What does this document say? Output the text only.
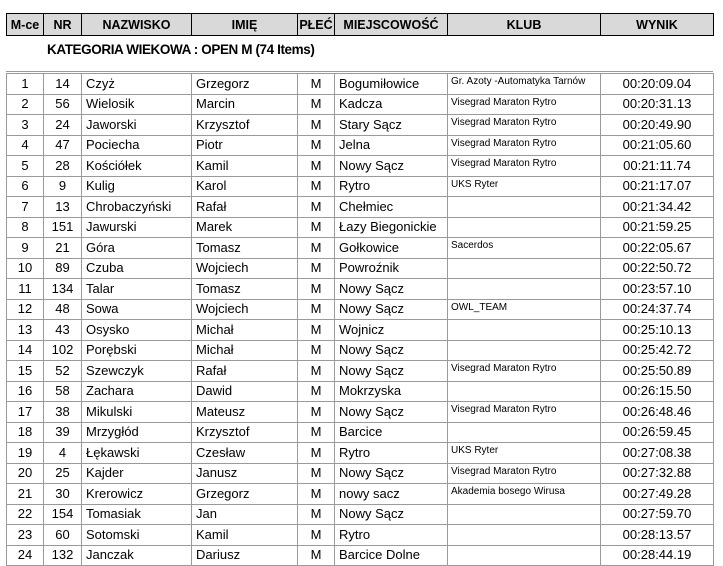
M-ce	NR	NAZWISKO	IMIĘ	PŁEĆ	MIEJSCOWOŚĆ	KLUB	WYNIK
KATEGORIA WIEKOWA : OPEN M (74 Items)
1	14	Czyż	Grzegorz	M	Bogumiłowice	Gr. Azoty -Automatyka Tarnów	00:20:09.04
2	56	Wielosik	Marcin	M	Kadcza	Visegrad Maraton Rytro	00:20:31.13
3	24	Jaworski	Krzysztof	M	Stary Sącz	Visegrad Maraton Rytro	00:20:49.90
4	47	Pociecha	Piotr	M	Jelna	Visegrad Maraton Rytro	00:21:05.60
5	28	Kościółek	Kamil	M	Nowy Sącz	Visegrad Maraton Rytro	00:21:11.74
6	9	Kulig	Karol	M	Rytro	UKS Ryter	00:21:17.07
7	13	Chrobaczyński	Rafał	M	Chełmiec		00:21:34.42
8	151	Jawurski	Marek	M	Łazy Biegonickie		00:21:59.25
9	21	Góra	Tomasz	M	Gołkowice	Sacerdos	00:22:05.67
10	89	Czuba	Wojciech	M	Powroźnik		00:22:50.72
11	134	Talar	Tomasz	M	Nowy Sącz		00:23:57.10
12	48	Sowa	Wojciech	M	Nowy Sącz	OWL_TEAM	00:24:37.74
13	43	Osysko	Michał	M	Wojnicz		00:25:10.13
14	102	Porębski	Michał	M	Nowy Sącz		00:25:42.72
15	52	Szewczyk	Rafał	M	Nowy Sącz	Visegrad Maraton Rytro	00:25:50.89
16	58	Zachara	Dawid	M	Mokrzyska		00:26:15.50
17	38	Mikulski	Mateusz	M	Nowy Sącz	Visegrad Maraton Rytro	00:26:48.46
18	39	Mrzygłód	Krzysztof	M	Barcice		00:26:59.45
19	4	Łękawski	Czesław	M	Rytro	UKS Ryter	00:27:08.38
20	25	Kajder	Janusz	M	Nowy Sącz	Visegrad Maraton Rytro	00:27:32.88
21	30	Krerowicz	Grzegorz	M	nowy sacz	Akademia bosego Wirusa	00:27:49.28
22	154	Tomasiak	Jan	M	Nowy Sącz		00:27:59.70
23	60	Sotomski	Kamil	M	Rytro		00:28:13.57
24	132	Janczak	Dariusz	M	Barcice Dolne		00:28:44.19
